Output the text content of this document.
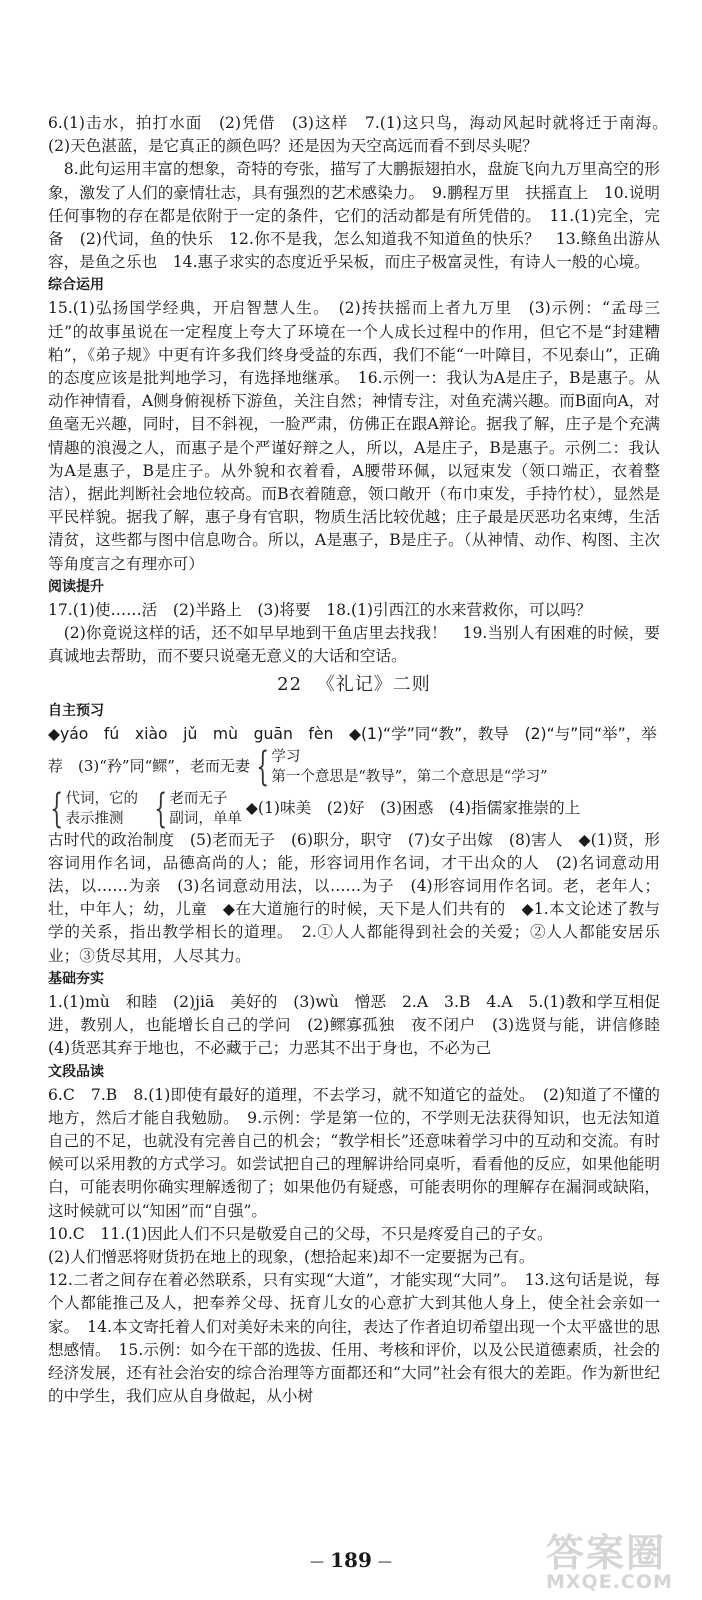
6.(1)击水，拍打水面　(2)凭借　(3)这样　7.(1)这只鸟，海动风起时就将迁于南海。　(2)天色湛蓝，是它真正的颜色吗？还是因为天空高远而看不到尽头呢？

　8.此句运用丰富的想象，奇特的夸张，描写了大鹏振翅拍水，盘旋飞向九万里高空的形象，激发了人们的豪情壮志，具有强烈的艺术感染力。　9.鹏程万里　扶摇直上　10.说明任何事物的存在都是依附于一定的条件，它们的活动都是有所凭借的。　11.(1)完全，完备　(2)代词，鱼的快乐　12.你不是我，怎么知道我不知道鱼的快乐？　13.鲦鱼出游从容，是鱼之乐也　14.惠子求实的态度近乎呆板，而庄子极富灵性，有诗人一般的心境。

综合运用

15.(1)弘扬国学经典，开启智慧人生。　(2)抟扶摇而上者九万里　(3)示例：“孟母三迁”的故事虽说在一定程度上夸大了环境在一个人成长过程中的作用，但它不是“封建糟粕”，《弟子规》中更有许多我们终身受益的东西，我们不能“一叶障目，不见泰山”，正确的态度应该是批判地学习，有选择地继承。　16.示例一：我认为A是庄子，B是惠子。从动作神情看，A侧身俯视桥下游鱼，关注自然；神情专注，对鱼充满兴趣。而B面向A，对鱼毫无兴趣，同时，目不斜视，一脸严肃，仿佛正在跟A辩论。据我了解，庄子是个充满情趣的浪漫之人，而惠子是个严谨好辩之人，所以，A是庄子，B是惠子。示例二：我认为A是惠子，B是庄子。从外貌和衣着看，A腰带环佩，以冠束发（领口端正，衣着整洁），据此判断社会地位较高。而B衣着随意，领口敞开（布巾束发，手持竹杖），显然是平民样貌。据我了解，惠子身有官职，物质生活比较优越；庄子最是厌恶功名束缚，生活清贫，这些都与图中信息吻合。所以，A是惠子，B是庄子。（从神情、动作、构图、主次等角度言之有理亦可）

阅读提升

17.(1)使……活　(2)半路上　(3)将要　18.(1)引西江的水来营救你，可以吗？

　(2)你竟说这样的话，还不如早早地到干鱼店里去找我！　19.当别人有困难的时候，要真诚地去帮助，而不要只说毫无意义的大话和空话。

22 《礼记》二则

自主预习

◆yáo　fú　xiào　jǔ　mù　guān　fèn　◆(1)“学”同“教”，教导　(2)“与”同“举”，举

荐　(3)“矜”同“鳏”，老而无妻 { 学习
第一个意思是“教导”，第二个意思是“学习”
{ 代词，它的
表示推测 { 老而无子
副词，单单
◆(1)味美　(2)好　(3)困惑　(4)指儒家推崇的上

古时代的政治制度　(5)老而无子　(6)职分，职守　(7)女子出嫁　(8)害人　◆(1)贤，形容词用作名词，品德高尚的人；能，形容词用作名词，才干出众的人　(2)名词意动用法，以……为亲　(3)名词意动用法，以……为子　(4)形容词用作名词。老，老年人；壮，中年人；幼，儿童　◆在大道施行的时候，天下是人们共有的　◆1.本文论述了教与学的关系，指出教学相长的道理。　2.①人人都能得到社会的关爱；②人人都能安居乐业；③货尽其用，人尽其力。

基础夯实

1.(1)mù　和睦　(2)jiā　美好的　(3)wù　憎恶　2.A　3.B　4.A　5.(1)教和学互相促进，教别人，也能增长自己的学问　(2)鳏寡孤独　夜不闭户　(3)选贤与能，讲信修睦　(4)货恶其弃于地也，不必藏于己；力恶其不出于身也，不必为己

文段品读

6.C　7.B　8.(1)即使有最好的道理，不去学习，就不知道它的益处。　(2)知道了不懂的地方，然后才能自我勉励。　9.示例：学是第一位的，不学则无法获得知识，也无法知道自己的不足，也就没有完善自己的机会；“教学相长”还意味着学习中的互动和交流。有时候可以采用教的方式学习。如尝试把自己的理解讲给同桌听，看看他的反应，如果他能明白，可能表明你确实理解透彻了；如果他仍有疑惑，可能表明你的理解存在漏洞或缺陷，这时候就可以“知困”而“自强”。

10.C　11.(1)因此人们不只是敬爱自己的父母，不只是疼爱自己的子女。

(2)人们憎恶将财货扔在地上的现象，(想拾起来)却不一定要据为己有。

12.二者之间存在着必然联系，只有实现“大道”，才能实现“大同”。　13.这句话是说，每个人都能推己及人，把奉养父母、抚育儿女的心意扩大到其他人身上，使全社会亲如一家。　14.本文寄托着人们对美好未来的向往，表达了作者迫切希望出现一个太平盛世的思想感情。　15.示例：如今在干部的选拔、任用、考核和评价，以及公民道德素质，社会的经济发展，还有社会治安的综合治理等方面都还和“大同”社会有很大的差距。作为新世纪的中学生，我们应从自身做起，从小树

— 189 —	答案圈
MXQE.COM
